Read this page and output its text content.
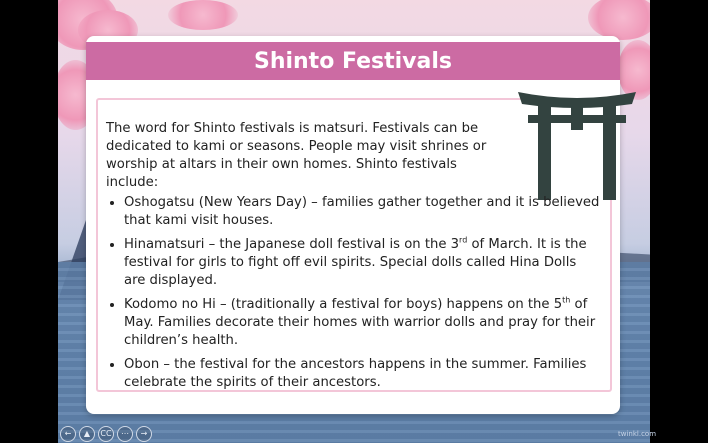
Shinto Festivals

The word for Shinto festivals is matsuri. Festivals can be dedicated to kami or seasons. People may visit shrines or worship at altars in their own homes. Shinto festivals include:

• Oshogatsu (New Years Day) – families gather together and it is believed that kami visit houses.
• Hinamatsuri – the Japanese doll festival is on the 3rd of March. It is the festival for girls to fight off evil spirits. Special dolls called Hina Dolls are displayed.
• Kodomo no Hi – (traditionally a festival for boys) happens on the 5th of May. Families decorate their homes with warrior dolls and pray for their children’s health.
• Obon – the festival for the ancestors happens in the summer. Families celebrate the spirits of their ancestors.
←	▲	CC	⋯	→	twinkl.com
